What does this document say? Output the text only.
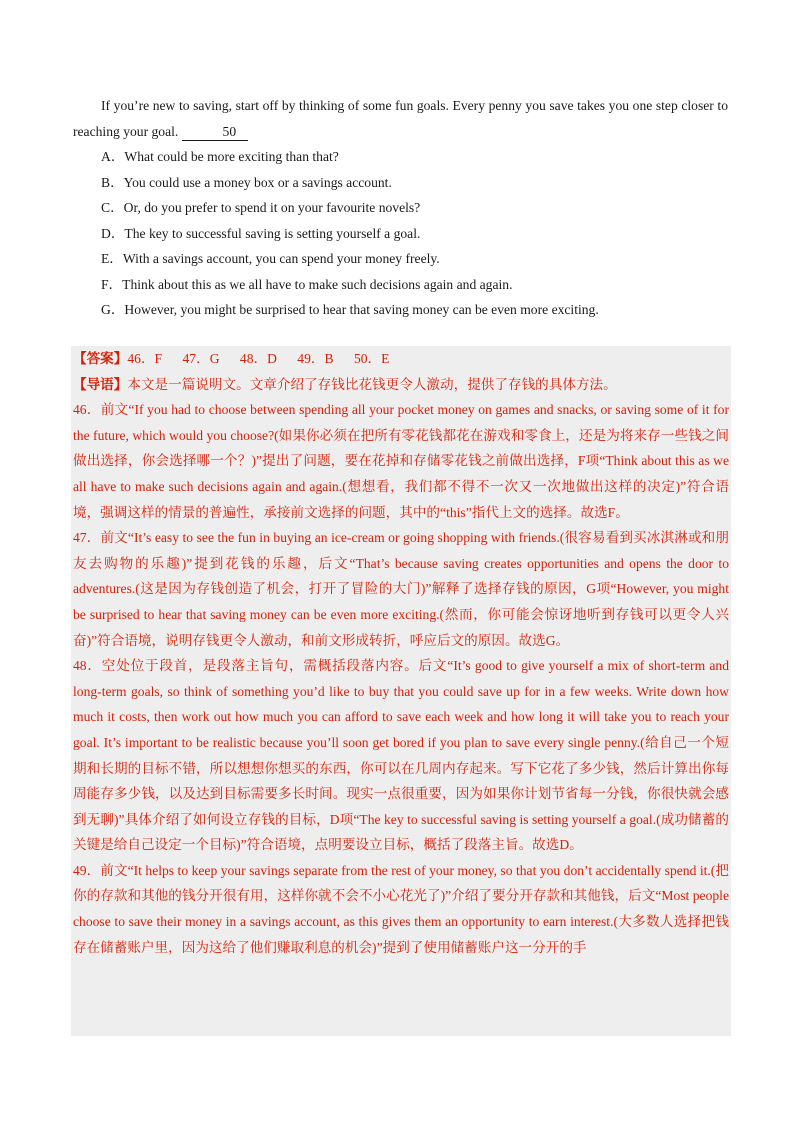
If you’re new to saving, start off by thinking of some fun goals. Every penny you save takes you one step closer to reaching your goal.	50

A．What could be more exciting than that?
B．You could use a money box or a savings account.
C．Or, do you prefer to spend it on your favourite novels?
D．The key to successful saving is setting yourself a goal.
E．With a savings account, you can spend your money freely.
F．Think about this as we all have to make such decisions again and again.
G．However, you might be surprised to hear that saving money can be even more exciting.

【答案】46．F      47．G      48．D      49．B      50．E

【导语】本文是一篇说明文。文章介绍了存钱比花钱更令人激动，提供了存钱的具体方法。

46．前文“If you had to choose between spending all your pocket money on games and snacks, or saving some of it for the future, which would you choose?(如果你必须在把所有零花钱都花在游戏和零食上，还是为将来存一些钱之间做出选择，你会选择哪一个？)”提出了问题，要在花掉和存储零花钱之前做出选择，F项“Think about this as we all have to make such decisions again and again.(想想看，我们都不得不一次又一次地做出这样的决定)”符合语境，强调这样的情景的普遍性，承接前文选择的问题，其中的“this”指代上文的选择。故选F。

47．前文“It’s easy to see the fun in buying an ice-cream or going shopping with friends.(很容易看到买冰淇淋或和朋友去购物的乐趣)”提到花钱的乐趣，后文“That’s because saving creates opportunities and opens the door to adventures.(这是因为存钱创造了机会，打开了冒险的大门)”解释了选择存钱的原因，G项“However, you might be surprised to hear that saving money can be even more exciting.(然而，你可能会惊讶地听到存钱可以更令人兴奋)”符合语境，说明存钱更令人激动，和前文形成转折，呼应后文的原因。故选G。

48．空处位于段首，是段落主旨句，需概括段落内容。后文“It’s good to give yourself a mix of short-term and long-term goals, so think of something you’d like to buy that you could save up for in a few weeks. Write down how much it costs, then work out how much you can afford to save each week and how long it will take you to reach your goal. It’s important to be realistic because you’ll soon get bored if you plan to save every single penny.(给自己一个短期和长期的目标不错，所以想想你想买的东西，你可以在几周内存起来。写下它花了多少钱，然后计算出你每周能存多少钱，以及达到目标需要多长时间。现实一点很重要，因为如果你计划节省每一分钱，你很快就会感到无聊)”具体介绍了如何设立存钱的目标，D项“The key to successful saving is setting yourself a goal.(成功储蓄的关键是给自己设定一个目标)”符合语境，点明要设立目标，概括了段落主旨。故选D。

49．前文“It helps to keep your savings separate from the rest of your money, so that you don’t accidentally spend it.(把你的存款和其他的钱分开很有用，这样你就不会不小心花光了)”介绍了要分开存款和其他钱，后文“Most people choose to save their money in a savings account, as this gives them an opportunity to earn interest.(大多数人选择把钱存在储蓄账户里，因为这给了他们赚取利息的机会)”提到了使用储蓄账户这一分开的手
